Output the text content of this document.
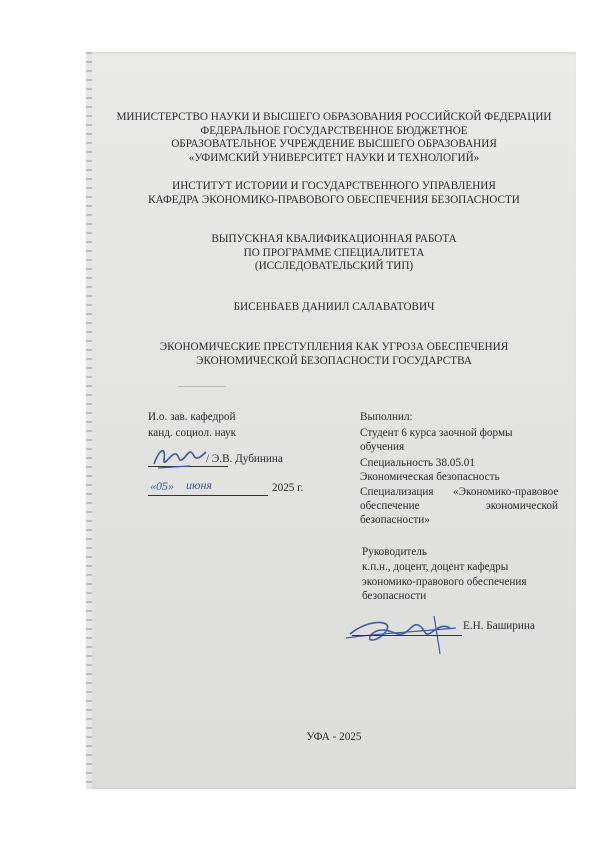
МИНИСТЕРСТВО НАУКИ И ВЫСШЕГО ОБРАЗОВАНИЯ РОССИЙСКОЙ ФЕДЕРАЦИИ
ФЕДЕРАЛЬНОЕ ГОСУДАРСТВЕННОЕ БЮДЖЕТНОЕ
ОБРАЗОВАТЕЛЬНОЕ УЧРЕЖДЕНИЕ ВЫСШЕГО ОБРАЗОВАНИЯ
«УФИМСКИЙ УНИВЕРСИТЕТ НАУКИ И ТЕХНОЛОГИЙ»
ИНСТИТУТ ИСТОРИИ И ГОСУДАРСТВЕННОГО УПРАВЛЕНИЯ
КАФЕДРА ЭКОНОМИКО-ПРАВОВОГО ОБЕСПЕЧЕНИЯ БЕЗОПАСНОСТИ
ВЫПУСКНАЯ КВАЛИФИКАЦИОННАЯ РАБОТА
ПО ПРОГРАММЕ СПЕЦИАЛИТЕТА
(ИССЛЕДОВАТЕЛЬСКИЙ ТИП)
БИСЕНБАЕВ ДАНИИЛ САЛАВАТОВИЧ
ЭКОНОМИЧЕСКИЕ ПРЕСТУПЛЕНИЯ КАК УГРОЗА ОБЕСПЕЧЕНИЯ
ЭКОНОМИЧЕСКОЙ БЕЗОПАСНОСТИ ГОСУДАРСТВА
И.о. зав. кафедрой
канд. социол. наук
/ Э.В. Дубинина
«05» июня	2025 г.
Выполнил:
Студент 6 курса заочной формы
обучения
Специальность 38.05.01
Экономическая безопасность
Специализация «Экономико-правовое
обеспечение	экономической
безопасности»
Руководитель
к.п.н., доцент, доцент кафедры
экономико-правового обеспечения
безопасности
Е.Н. Баширина
УФА - 2025
